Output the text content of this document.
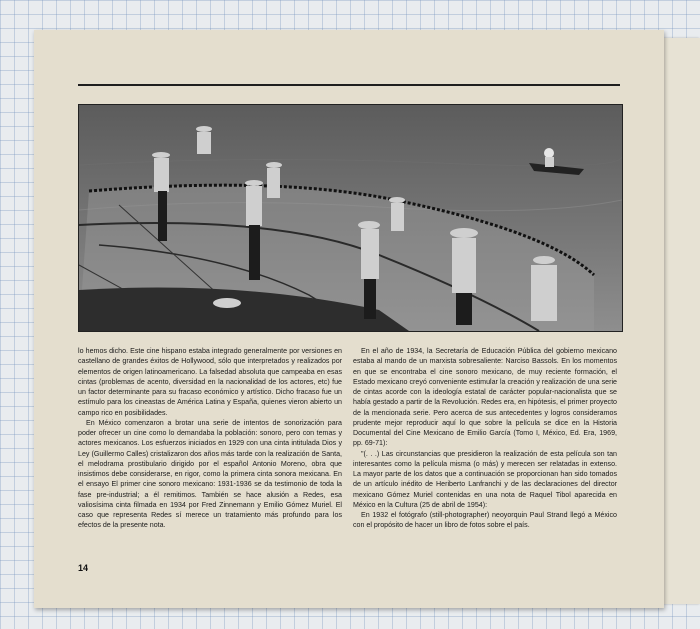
lo hemos dicho. Este cine hispano estaba integrado generalmente por versiones en castellano de grandes éxitos de Hollywood, sólo que interpretados y realizados por elementos de origen latinoamericano. La falsedad absoluta que campeaba en esas cintas (problemas de acento, diversidad en la nacionalidad de los actores, etc) fue un factor determinante para su fracaso económico y artístico. Dicho fracaso fue un estímulo para los cineastas de América Latina y España, quienes vieron abierto un campo rico en posibilidades.

En México comenzaron a brotar una serie de intentos de sonorización para poder ofrecer un cine como lo demandaba la población: sonoro, pero con temas y actores mexicanos. Los esfuerzos iniciados en 1929 con una cinta intitulada Dios y Ley (Guillermo Calles) cristalizaron dos años más tarde con la realización de Santa, el melodrama prostibulario dirigido por el español Antonio Moreno, obra que insistimos debe considerarse, en rigor, como la primera cinta sonora mexicana. En el ensayo El primer cine sonoro mexicano: 1931-1936 se da testimonio de toda la fase pre-industrial; a él remitimos. También se hace alusión a Redes, esa valiosísima cinta filmada en 1934 por Fred Zinnemann y Emilio Gómez Muriel. El caso que representa Redes sí merece un tratamiento más profundo para los efectos de la presente nota.

En el año de 1934, la Secretaría de Educación Pública del gobierno mexicano estaba al mando de un marxista sobresaliente: Narciso Bassols. En los momentos en que se encontraba el cine sonoro mexicano, de muy reciente formación, el Estado mexicano creyó conveniente estimular la creación y realización de una serie de cintas acorde con la ideología estatal de carácter popular-nacionalista que se había gestado a partir de la Revolución. Redes era, en hipótesis, el primer proyecto de la mencionada serie. Pero acerca de sus antecedentes y logros consideramos prudente mejor reproducir aquí lo que sobre la película se dice en la Historia Documental del Cine Mexicano de Emilio García (Tomo I, México, Ed. Era, 1969, pp. 69-71):

"(. . .) Las circunstancias que presidieron la realización de esta película son tan interesantes como la película misma (o más) y merecen ser relatadas in extenso. La mayor parte de los datos que a continuación se proporcionan han sido tomados de un artículo inédito de Heriberto Lanfranchi y de las declaraciones del director mexicano Gómez Muriel contenidas en una nota de Raquel Tibol aparecida en México en la Cultura (25 de abril de 1954):

En 1932 el fotógrafo (still-photographer) neoyorquin Paul Strand llegó a México con el propósito de hacer un libro de fotos sobre el país.

14
